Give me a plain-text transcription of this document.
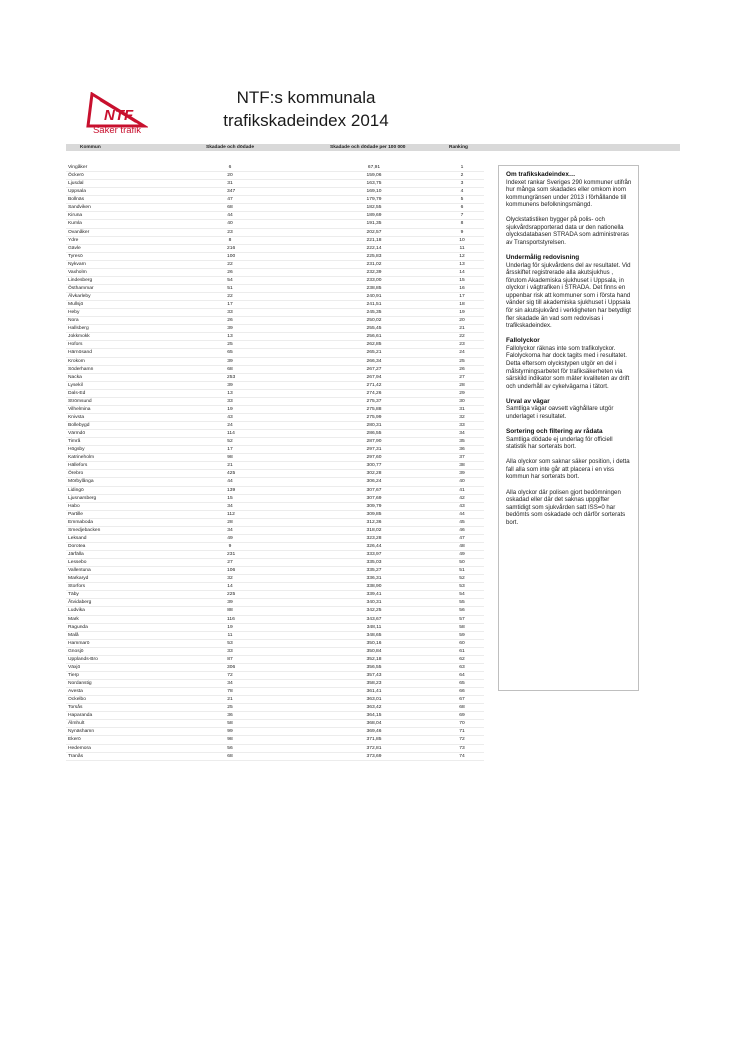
NTF
Säker trafik
NTF:s kommunala
trafikskadeindex 2014
Kommun	Skadade och dödade	Skadade och dödade per 100 000	Ranking
Vingåker	6	67,91	1
Öckerö	20	159,06	2
Ljusdal	31	163,75	3
Uppsala	347	169,10	4
Bollnäs	47	179,79	5
Sandviken	68	182,55	6
Kiruna	44	189,69	7
Kumla	40	191,35	8
Ovanåker	23	202,57	9
Ydre	8	221,18	10
Gävle	216	222,14	11
Tyresö	100	225,83	12
Nykvarn	22	231,02	13
Vaxholm	26	232,39	14
Lindesberg	54	233,00	15
Östhammar	51	238,85	16
Älvkarleby	22	240,91	17
Mullsjö	17	241,51	18
Heby	33	245,35	19
Nora	26	250,02	20
Hallsberg	39	255,45	21
Jokkmokk	13	256,61	22
Hofors	25	262,85	23
Härnösand	65	265,21	24
Krokom	39	266,34	25
Söderhamn	68	267,27	26
Nacka	253	267,94	27
Lysekil	39	271,42	28
Dals-Ed	13	274,26	29
Strömsund	33	275,37	30
Vilhelmina	19	275,88	31
Knivsta	43	275,99	32
Bollebygd	24	280,31	33
Värmdö	114	286,55	34
Timrå	52	287,90	35
Högsby	17	297,31	36
Katrineholm	98	297,60	37
Hällefors	21	300,77	38
Örebro	425	302,28	39
Mörbylånga	44	306,24	40
Lidingö	139	307,67	41
Ljusnarsberg	15	307,69	42
Habo	34	309,79	43
Partille	112	309,85	44
Emmaboda	28	312,36	45
Smedjebacken	34	318,02	46
Leksand	49	323,28	47
Dorotea	9	326,44	48
Järfälla	231	333,97	49
Lessebo	27	335,03	50
Vallentuna	106	335,27	51
Markaryd	32	336,31	52
Storfors	14	338,90	53
Täby	225	339,41	54
Åtvidaberg	39	340,31	55
Ludvika	88	342,25	56
Mark	116	343,67	57
Ragunda	19	348,11	58
Malå	11	348,65	59
Hammarö	53	350,16	60
Gnosjö	33	350,84	61
Upplands-Bro	87	352,18	62
Växjö	306	356,55	63
Tierp	72	357,43	64
Nordanstig	34	358,23	65
Avesta	78	361,41	66
Ockelbo	21	363,01	67
Torsås	25	363,42	68
Haparanda	36	364,15	69
Älmhult	58	368,04	70
Nynäshamn	99	369,46	71
Ekerö	98	371,85	72
Hedemora	56	372,81	73
Tranås	68	373,69	74
Om trafikskadeindex…

Indexet rankar Sveriges 290 kommuner utifrån hur många som skadades eller omkom inom kommungränsen under 2013 i förhållande till kommunens befolkningsmängd.

Olyckstatistiken bygger på polis- och sjukvårdsrapporterad data ur den nationella olycksdatabasen STRADA som administreras av Transportstyrelsen.

Undermålig redovisning

Underlag för sjukvårdens del av resultatet. Vid årsskiftet registrerade alla akutsjukhus , förutom Akademiska sjukhuset i Uppsala, in olyckor i vägtrafiken i STRADA. Det finns en uppenbar risk att kommuner som i första hand vänder sig till akademiska sjukhuset i Uppsala för sin akutsjukvård i verkligheten har betydligt fler skadade än vad som redovisas i trafikskadeindex.

Fallolyckor

Fallolyckor räknas inte som trafikolyckor. Falolyckorna har dock tagits med i resultatet. Detta eftersom olyckstypen utgör en del i målstyrningsarbetet för trafiksäkerheten via särskild indikator som mäter kvaliteten av drift och underhåll av cykelvägarna i tätort.

Urval av vägar

Samtliga vägar oavsett väghållare utgör underlaget i resultatet.

Sortering och filtering av rådata

Samtliga dödade ej underlag för officiell statistik har sorterats bort.

Alla olyckor som saknar säker position, i detta fall alla som inte går att placera i en viss kommun har sorterats bort.

Alla olyckor där polisen gjort bedömningen oskadad eller där det saknas uppgifter samtidigt som sjukvården satt ISS=0 har bedömts som oskadade och därför sorterats bort.
